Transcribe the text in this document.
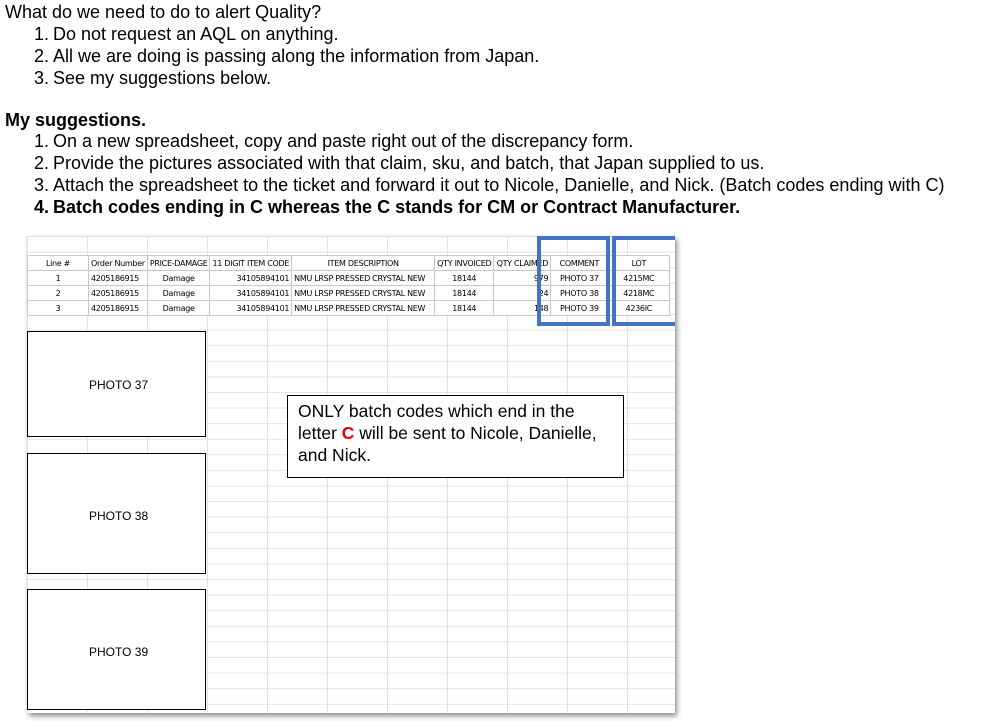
What do we need to do to alert Quality?
1. Do not request an AQL on anything.
2. All we are doing is passing along the information from Japan.
3. See my suggestions below.
My suggestions.
1. On a new spreadsheet, copy and paste right out of the discrepancy form.
2. Provide the pictures associated with that claim, sku, and batch, that Japan supplied to us.
3. Attach the spreadsheet to the ticket and forward it out to Nicole, Danielle, and Nick. (Batch codes ending with C)
4. Batch codes ending in C whereas the C stands for CM or Contract Manufacturer.
Line #	Order Number	PRICE-DAMAGE	11 DIGIT ITEM CODE	ITEM DESCRIPTION	QTY INVOICED	QTY CLAIMED	COMMENT	LOT
1	4205186915	Damage	34105894101	NMU LRSP PRESSED CRYSTAL NEW	18144	979	PHOTO 37	4215MC
2	4205186915	Damage	34105894101	NMU LRSP PRESSED CRYSTAL NEW	18144	24	PHOTO 38	4218MC
3	4205186915	Damage	34105894101	NMU LRSP PRESSED CRYSTAL NEW	18144	148	PHOTO 39	4236IC
PHOTO 37
PHOTO 38
PHOTO 39
ONLY batch codes which end in the letter C will be sent to Nicole, Danielle, and Nick.
